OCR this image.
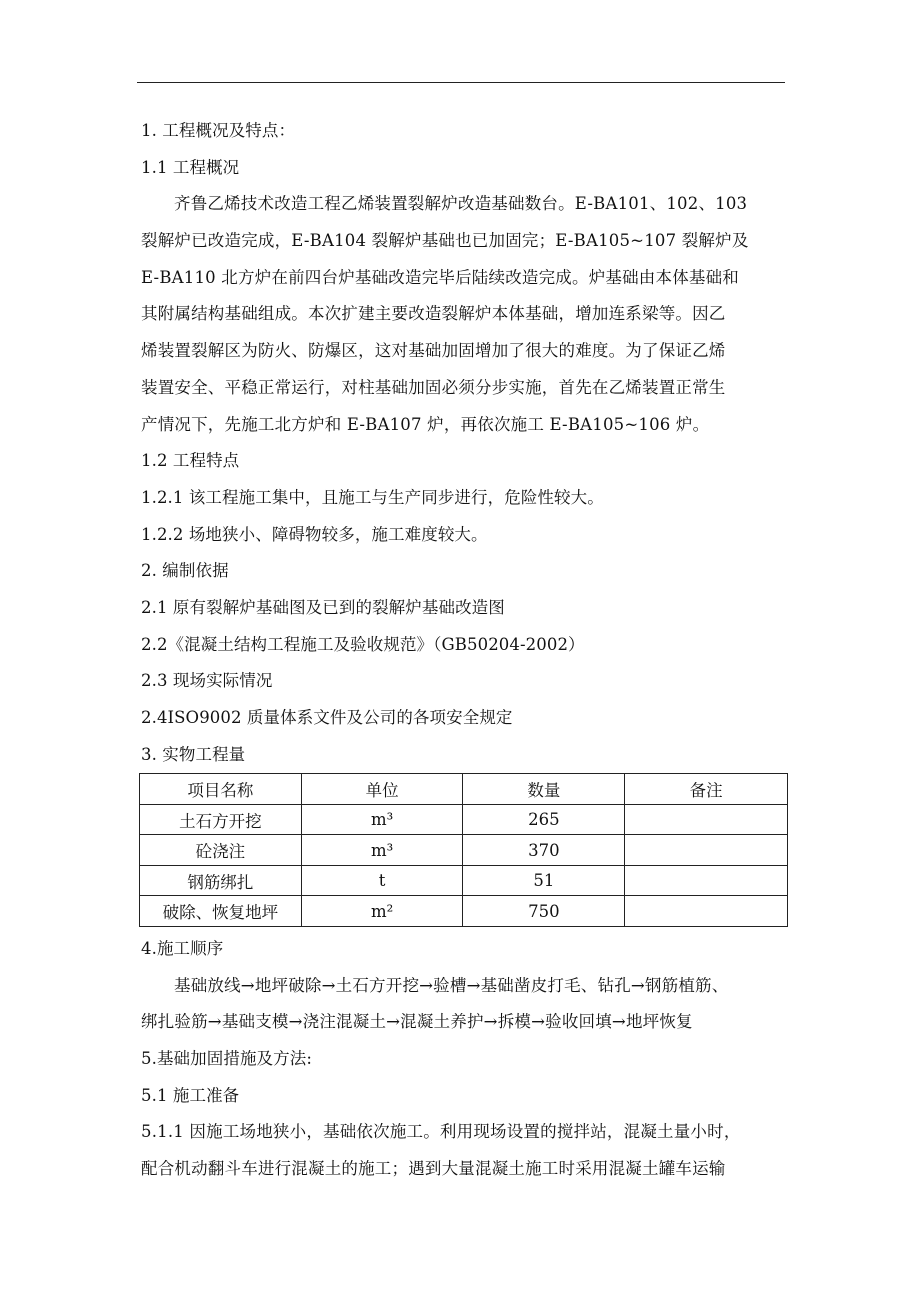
1. 工程概况及特点：
1.1 工程概况
齐鲁乙烯技术改造工程乙烯装置裂解炉改造基础数台。E-BA101、102、103
裂解炉已改造完成，E-BA104 裂解炉基础也已加固完；E-BA105~107 裂解炉及
E-BA110 北方炉在前四台炉基础改造完毕后陆续改造完成。炉基础由本体基础和
其附属结构基础组成。本次扩建主要改造裂解炉本体基础，增加连系梁等。因乙
烯装置裂解区为防火、防爆区，这对基础加固增加了很大的难度。为了保证乙烯
装置安全、平稳正常运行，对柱基础加固必须分步实施，首先在乙烯装置正常生
产情况下，先施工北方炉和 E-BA107 炉，再依次施工 E-BA105~106 炉。
1.2 工程特点
1.2.1 该工程施工集中，且施工与生产同步进行，危险性较大。
1.2.2 场地狭小、障碍物较多，施工难度较大。
2. 编制依据
2.1 原有裂解炉基础图及已到的裂解炉基础改造图
2.2《混凝土结构工程施工及验收规范》（GB50204-2002）
2.3 现场实际情况
2.4ISO9002 质量体系文件及公司的各项安全规定
3. 实物工程量
项目名称	单位	数量	备注
土石方开挖	m³	265	
砼浇注	m³	370	
钢筋绑扎	t	51	
破除、恢复地坪	m²	750	
4.施工顺序
基础放线→地坪破除→土石方开挖→验槽→基础凿皮打毛、钻孔→钢筋植筋、
绑扎验筋→基础支模→浇注混凝土→混凝土养护→拆模→验收回填→地坪恢复
5.基础加固措施及方法:
5.1 施工准备
5.1.1 因施工场地狭小，基础依次施工。利用现场设置的搅拌站，混凝土量小时，
配合机动翻斗车进行混凝土的施工；遇到大量混凝土施工时采用混凝土罐车运输
